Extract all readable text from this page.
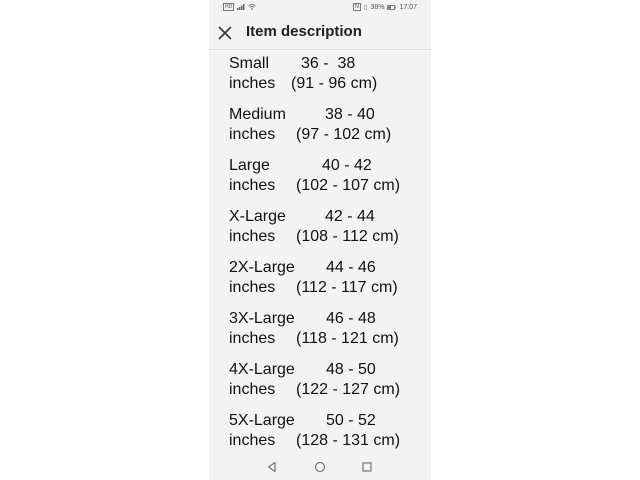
HD	N ▯ 38% 17:07
Item description
Small 36 -  38
inches (91 - 96 cm)
Medium 38 - 40
inches (97 - 102 cm)
Large	40 - 42
inches (102 - 107 cm)
X-Large 42 - 44
inches (108 - 112 cm)
2X-Large 44 - 46
inches (112 - 117 cm)
3X-Large 46 - 48
inches (118 - 121 cm)
4X-Large 48 - 50
inches (122 - 127 cm)
5X-Large 50 - 52
inches (128 - 131 cm)
